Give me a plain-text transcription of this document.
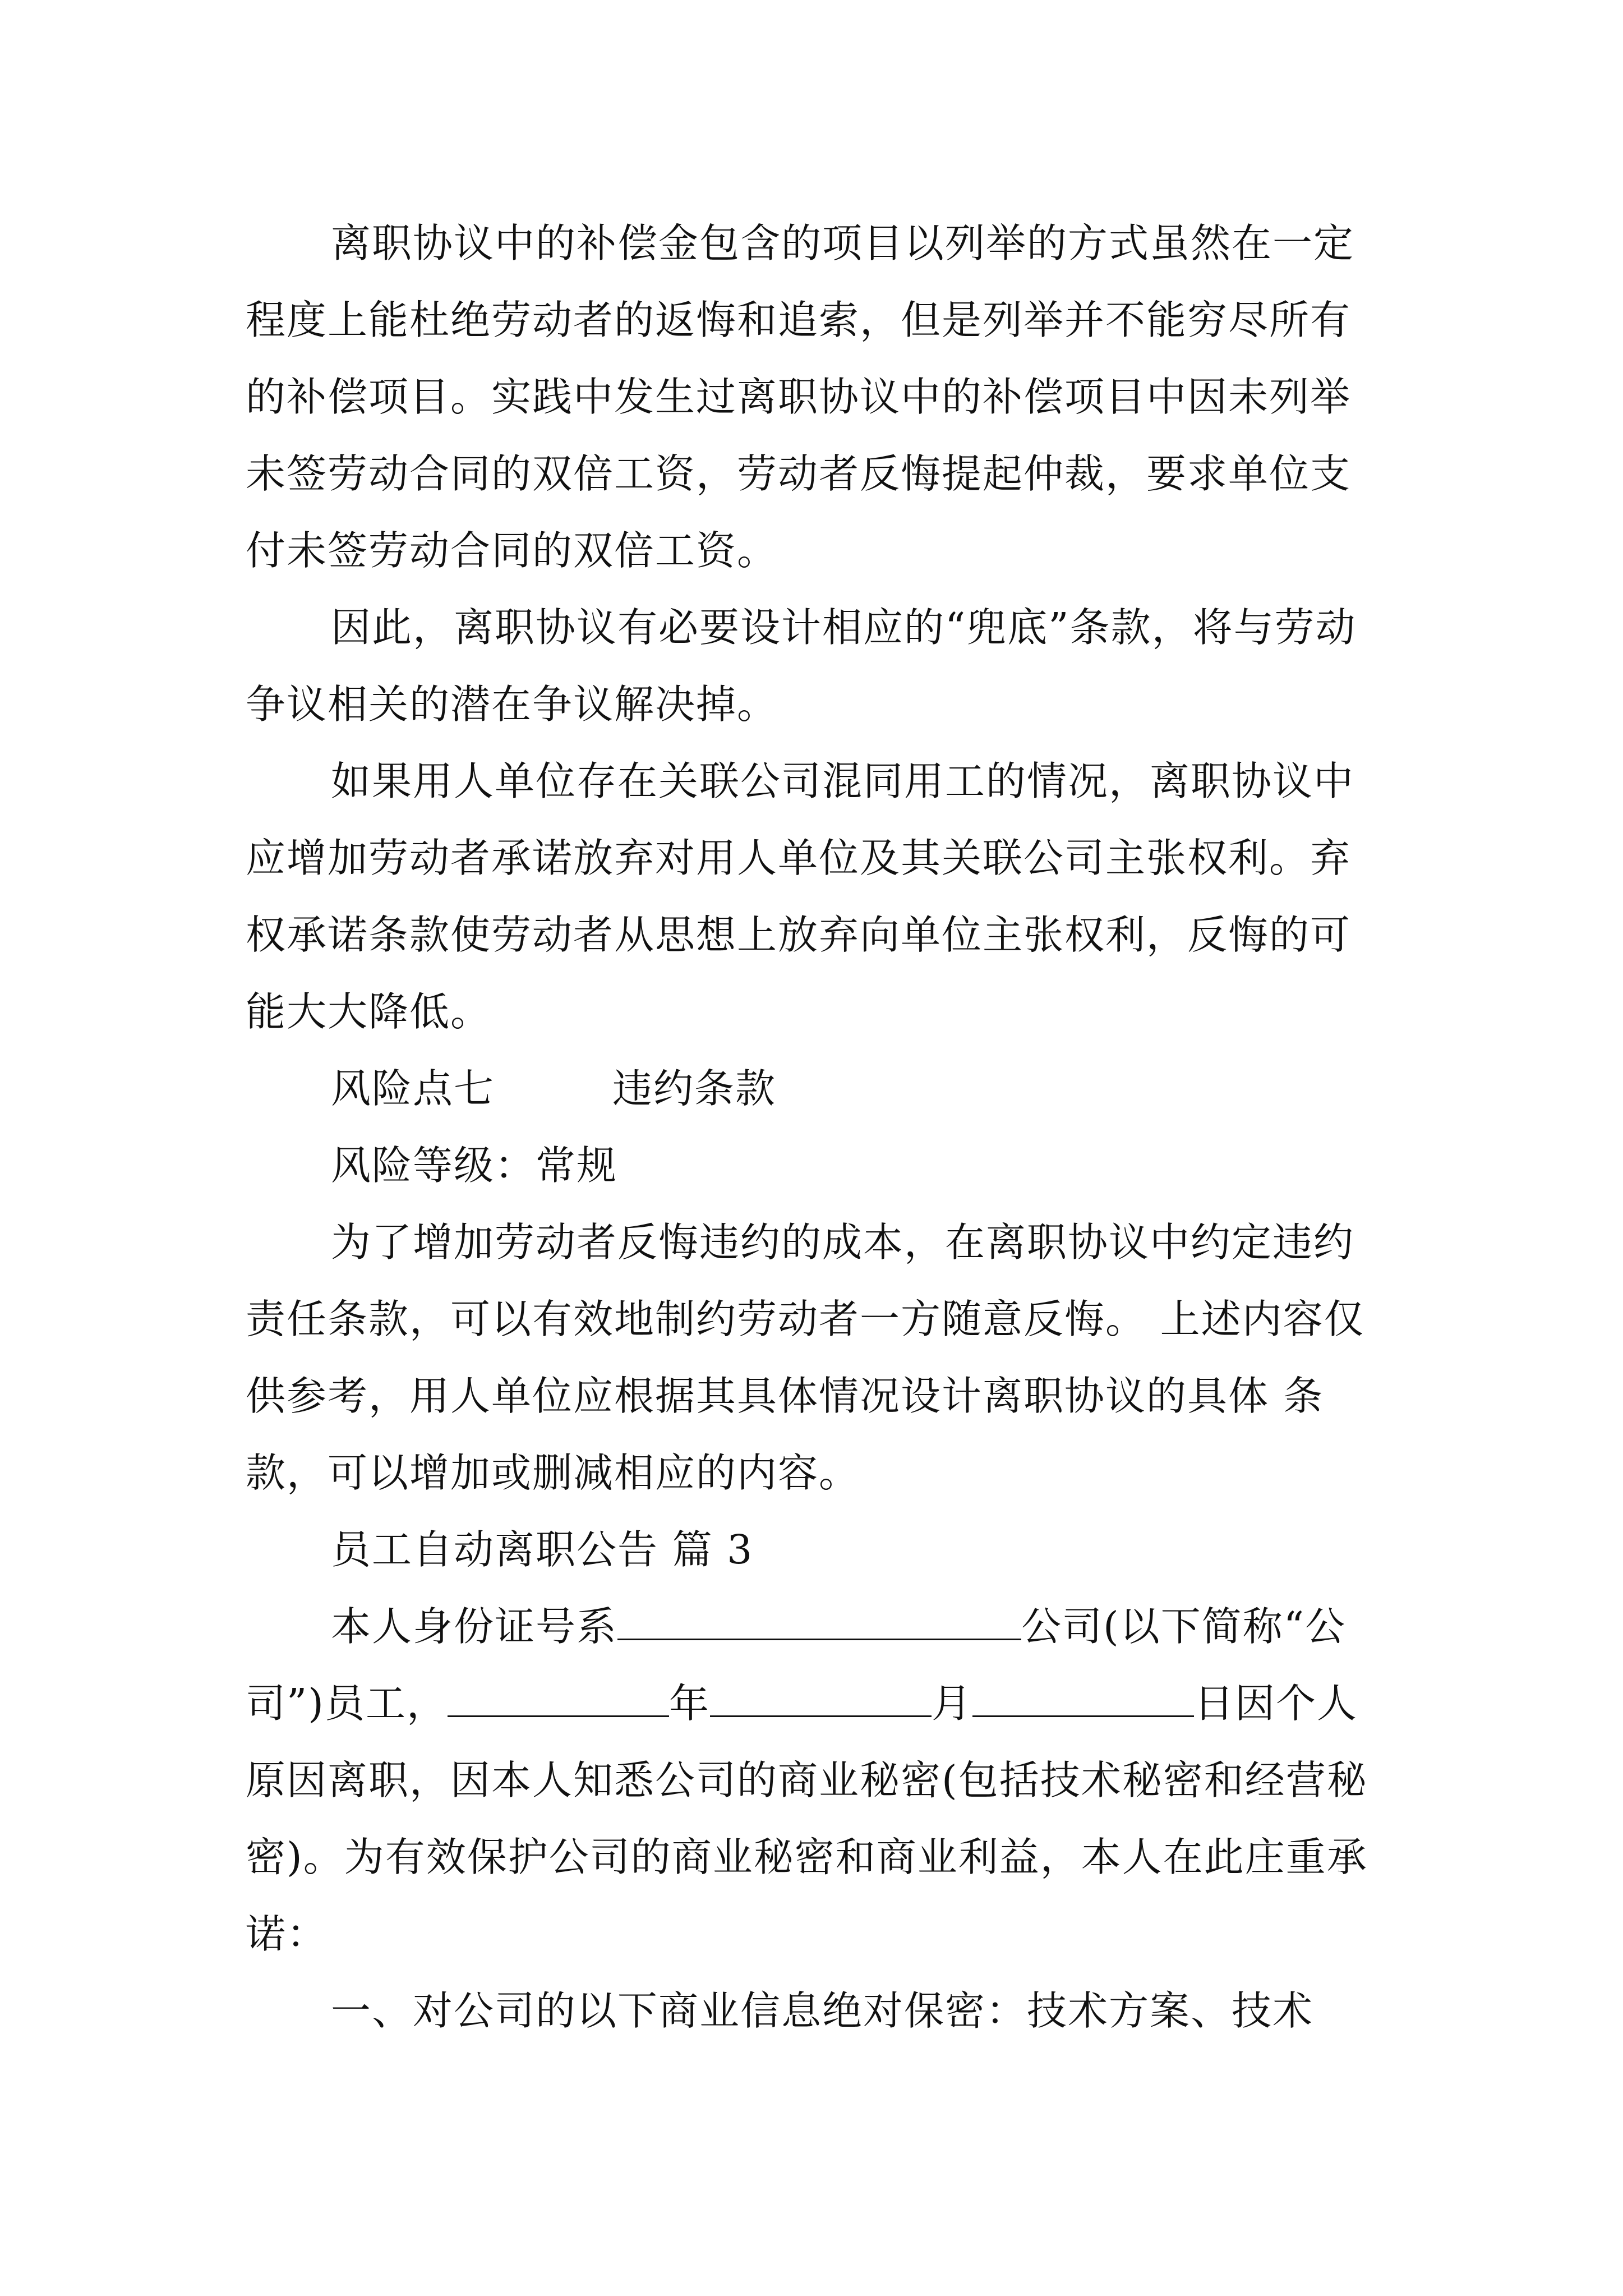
离职协议中的补偿金包含的项目以列举的方式虽然在一定程度上能杜绝劳动者的返悔和追索，但是列举并不能穷尽所有的补偿项目。实践中发生过离职协议中的补偿项目中因未列举未签劳动合同的双倍工资，劳动者反悔提起仲裁，要求单位支付未签劳动合同的双倍工资。

因此，离职协议有必要设计相应的“兜底”条款，将与劳动争议相关的潜在争议解决掉。

如果用人单位存在关联公司混同用工的情况，离职协议中应增加劳动者承诺放弃对用人单位及其关联公司主张权利。弃权承诺条款使劳动者从思想上放弃向单位主张权利，反悔的可能大大降低。

风险点七	违约条款

风险等级：常规

为了增加劳动者反悔违约的成本，在离职协议中约定违约责任条款，可以有效地制约劳动者一方随意反悔。 上述内容仅供参考，用人单位应根据其具体情况设计离职协议的具体 条款，可以增加或删减相应的内容。

员工自动离职公告 篇 3

本人身份证号系	公司(以下简称“公司”)员工，	年	月	日因个人原因离职，因本人知悉公司的商业秘密(包括技术秘密和经营秘密)。为有效保护公司的商业秘密和商业利益，本人在此庄重承诺：

一、对公司的以下商业信息绝对保密：技术方案、技术
